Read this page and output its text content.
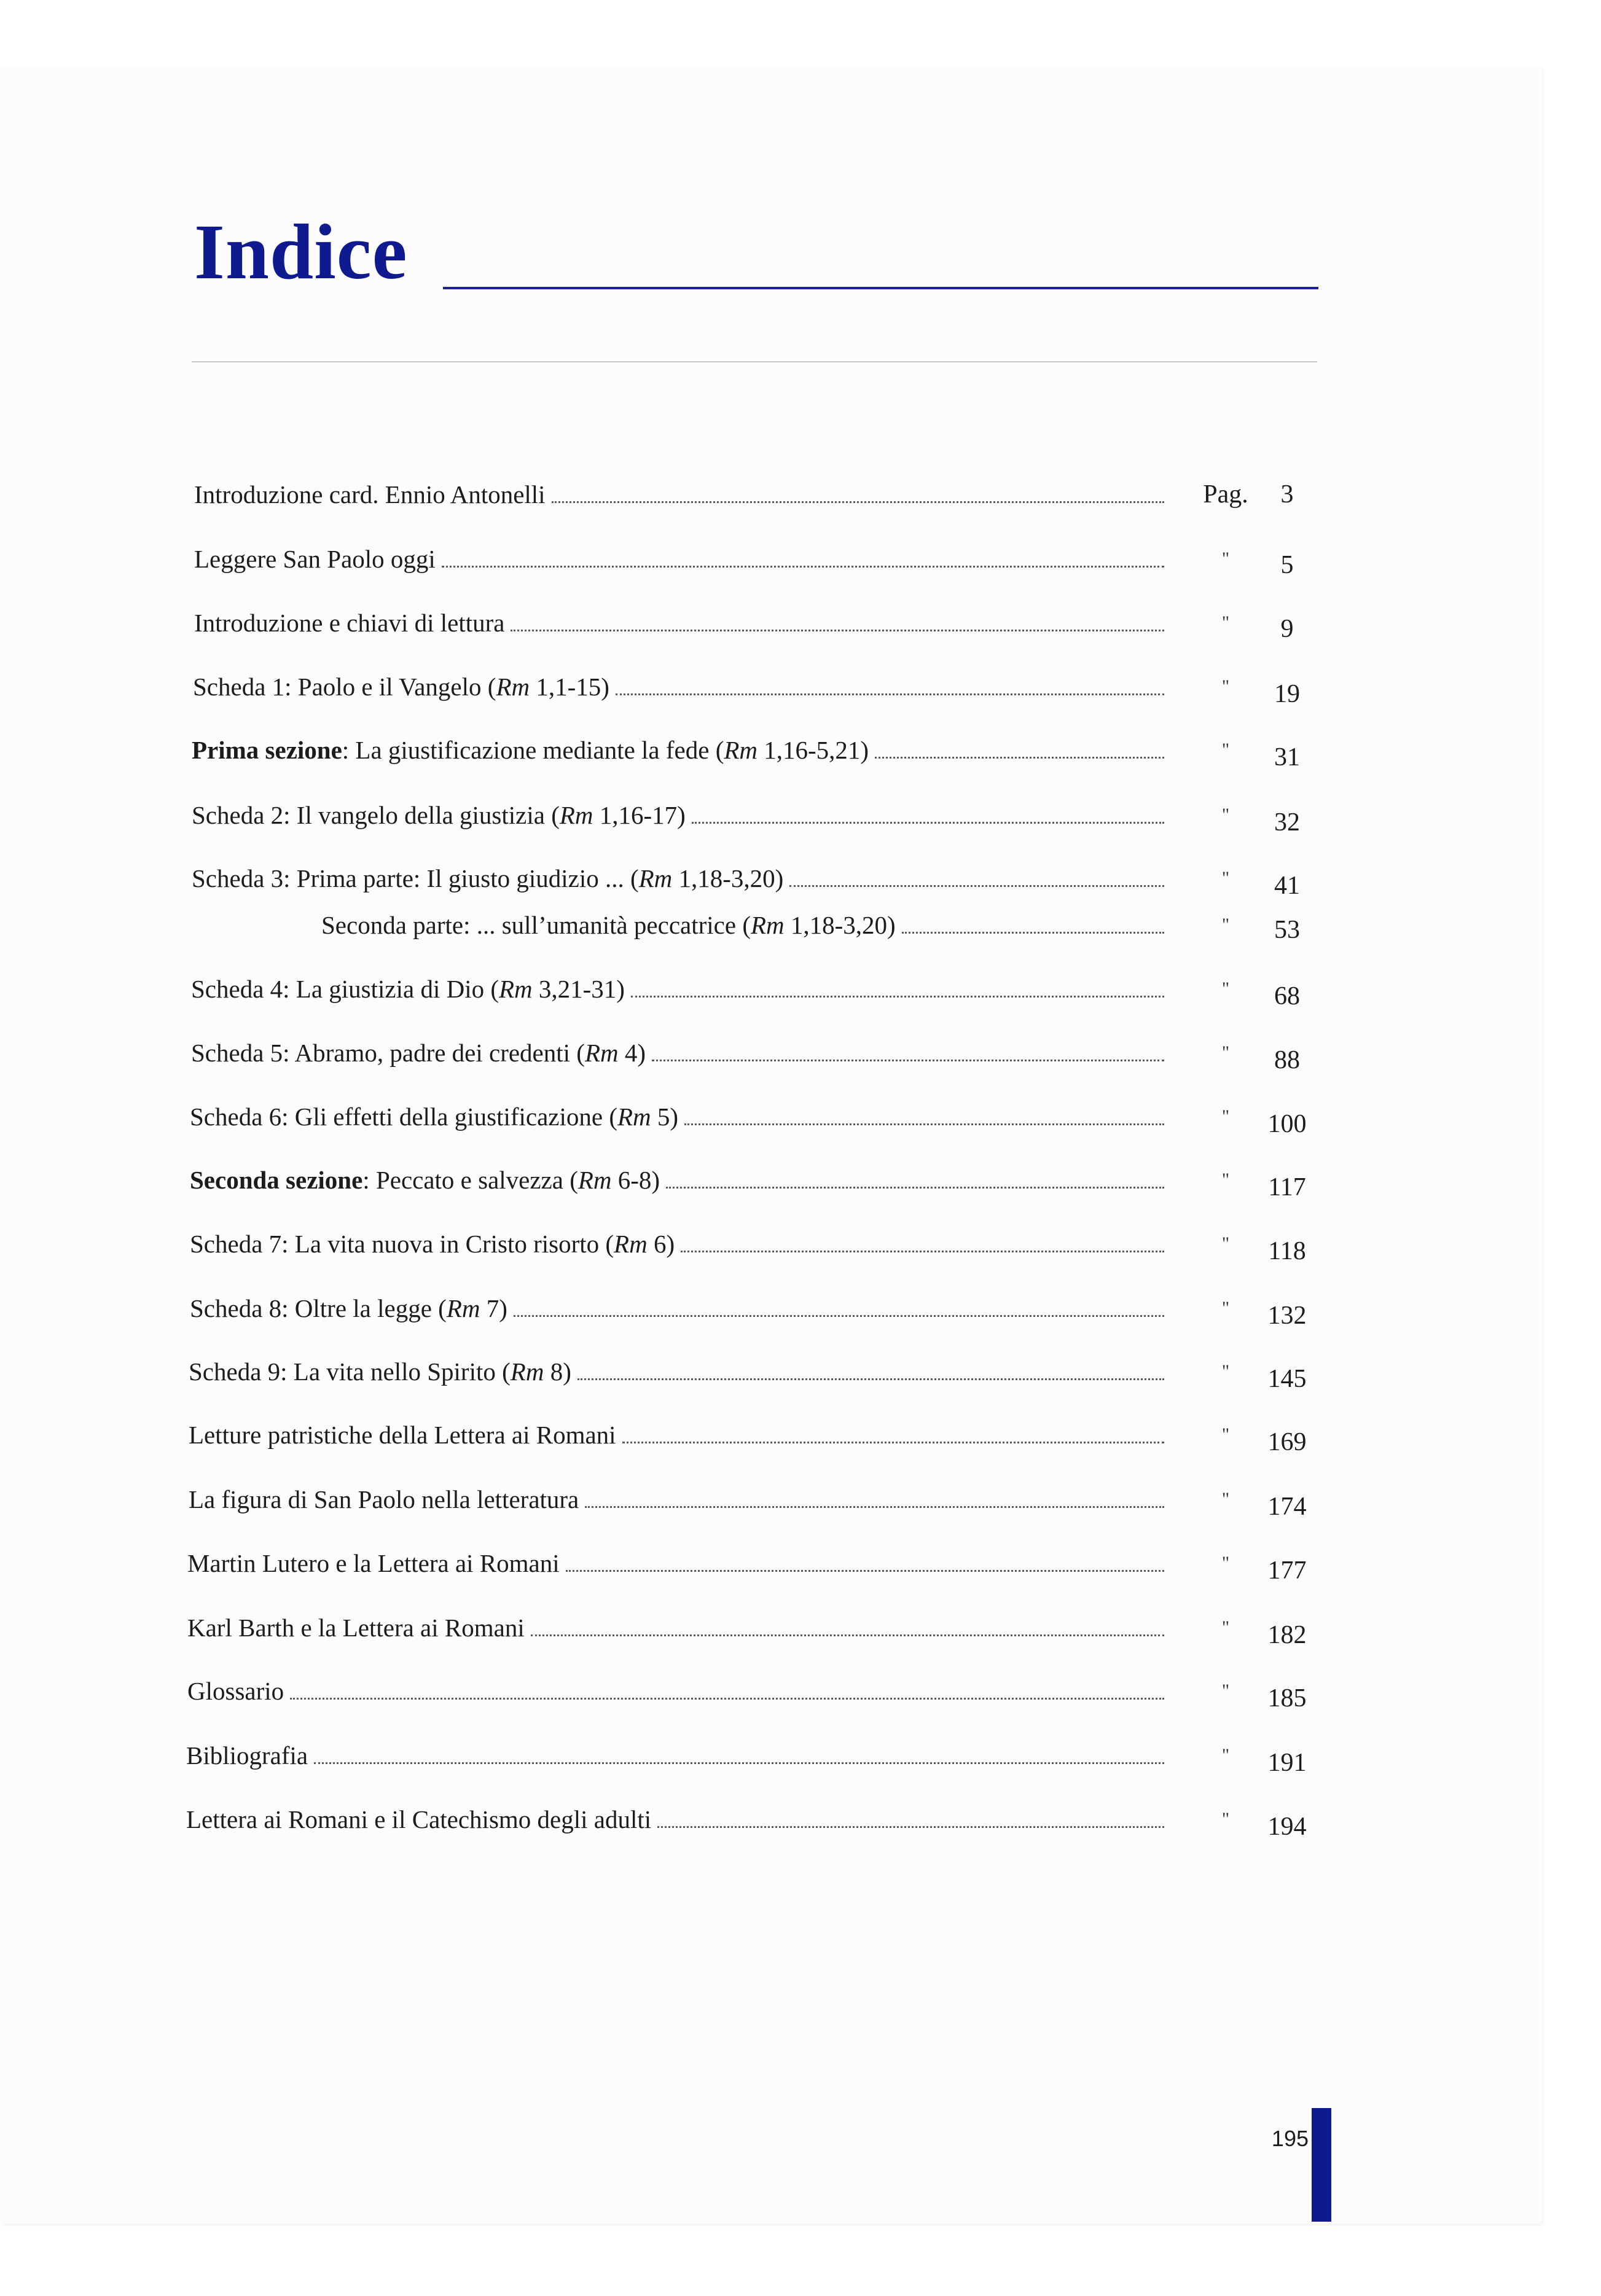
Indice
Introduzione card. Ennio Antonelli	Pag.	3
Leggere San Paolo oggi	"	5
Introduzione e chiavi di lettura	"	9
Scheda 1: Paolo e il Vangelo (Rm 1,1-15)	"	19
Prima sezione: La giustificazione mediante la fede (Rm 1,16-5,21)	"	31
Scheda 2: Il vangelo della giustizia (Rm 1,16-17)	"	32
Scheda 3: Prima parte: Il giusto giudizio ... (Rm 1,18-3,20)	"	41
Seconda parte: ... sull’umanità peccatrice (Rm 1,18-3,20)	"	53
Scheda 4: La giustizia di Dio (Rm 3,21-31)	"	68
Scheda 5: Abramo, padre dei credenti (Rm 4)	"	88
Scheda 6: Gli effetti della giustificazione (Rm 5)	"	100
Seconda sezione: Peccato e salvezza (Rm 6-8)	"	117
Scheda 7: La vita nuova in Cristo risorto (Rm 6)	"	118
Scheda 8: Oltre la legge (Rm 7)	"	132
Scheda 9: La vita nello Spirito (Rm 8)	"	145
Letture patristiche della Lettera ai Romani	"	169
La figura di San Paolo nella letteratura	"	174
Martin Lutero e la Lettera ai Romani	"	177
Karl Barth e la Lettera ai Romani	"	182
Glossario	"	185
Bibliografia	"	191
Lettera ai Romani e il Catechismo degli adulti	"	194
195
